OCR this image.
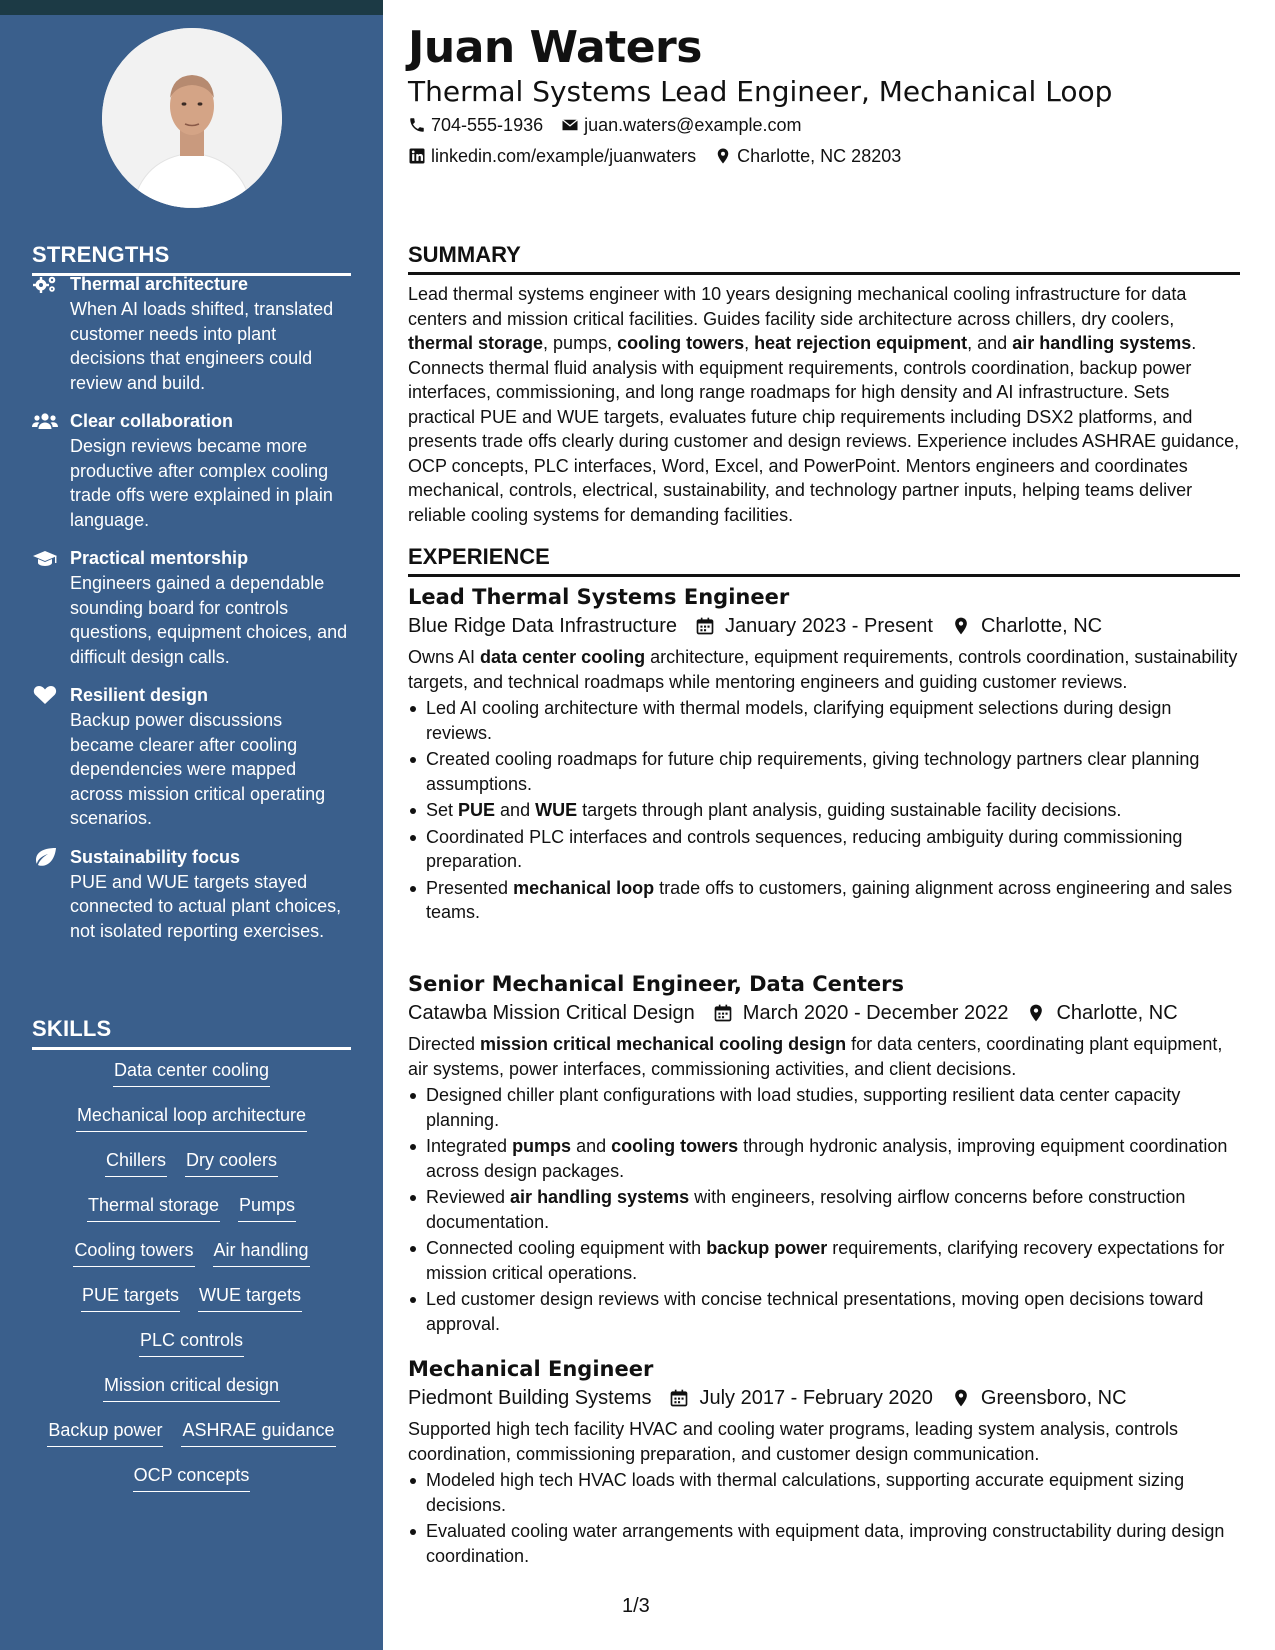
STRENGTHS
Thermal architecture
When AI loads shifted, translated customer needs into plant decisions that engineers could review and build.
Clear collaboration
Design reviews became more productive after complex cooling trade offs were explained in plain language.
Practical mentorship
Engineers gained a dependable sounding board for controls questions, equipment choices, and difficult design calls.
Resilient design
Backup power discussions became clearer after cooling dependencies were mapped across mission critical operating scenarios.
Sustainability focus
PUE and WUE targets stayed connected to actual plant choices, not isolated reporting exercises.
SKILLS
Data center cooling
Mechanical loop architecture
Chillers Dry coolers
Thermal storage Pumps
Cooling towers Air handling
PUE targets WUE targets
PLC controls
Mission critical design
Backup power ASHRAE guidance
OCP concepts
Juan Waters
Thermal Systems Lead Engineer, Mechanical Loop
704-555-1936 juan.waters@example.com
linkedin.com/example/juanwaters Charlotte, NC 28203
SUMMARY
Lead thermal systems engineer with 10 years designing mechanical cooling infrastructure for data centers and mission critical facilities. Guides facility side architecture across chillers, dry coolers, thermal storage, pumps, cooling towers, heat rejection equipment, and air handling systems. Connects thermal fluid analysis with equipment requirements, controls coordination, backup power interfaces, commissioning, and long range roadmaps for high density and AI infrastructure. Sets practical PUE and WUE targets, evaluates future chip requirements including DSX2 platforms, and presents trade offs clearly during customer and design reviews. Experience includes ASHRAE guidance, OCP concepts, PLC interfaces, Word, Excel, and PowerPoint. Mentors engineers and coordinates mechanical, controls, electrical, sustainability, and technology partner inputs, helping teams deliver reliable cooling systems for demanding facilities.
EXPERIENCE
Lead Thermal Systems Engineer
Blue Ridge Data Infrastructure January 2023 - Present Charlotte, NC
Owns AI data center cooling architecture, equipment requirements, controls coordination, sustainability targets, and technical roadmaps while mentoring engineers and guiding customer reviews.
Led AI cooling architecture with thermal models, clarifying equipment selections during design reviews.
Created cooling roadmaps for future chip requirements, giving technology partners clear planning assumptions.
Set PUE and WUE targets through plant analysis, guiding sustainable facility decisions.
Coordinated PLC interfaces and controls sequences, reducing ambiguity during commissioning preparation.
Presented mechanical loop trade offs to customers, gaining alignment across engineering and sales teams.
Senior Mechanical Engineer, Data Centers
Catawba Mission Critical Design March 2020 - December 2022 Charlotte, NC
Directed mission critical mechanical cooling design for data centers, coordinating plant equipment, air systems, power interfaces, commissioning activities, and client decisions.
Designed chiller plant configurations with load studies, supporting resilient data center capacity planning.
Integrated pumps and cooling towers through hydronic analysis, improving equipment coordination across design packages.
Reviewed air handling systems with engineers, resolving airflow concerns before construction documentation.
Connected cooling equipment with backup power requirements, clarifying recovery expectations for mission critical operations.
Led customer design reviews with concise technical presentations, moving open decisions toward approval.
Mechanical Engineer
Piedmont Building Systems July 2017 - February 2020 Greensboro, NC
Supported high tech facility HVAC and cooling water programs, leading system analysis, controls coordination, commissioning preparation, and customer design communication.
Modeled high tech HVAC loads with thermal calculations, supporting accurate equipment sizing decisions.
Evaluated cooling water arrangements with equipment data, improving constructability during design coordination.
1/3
